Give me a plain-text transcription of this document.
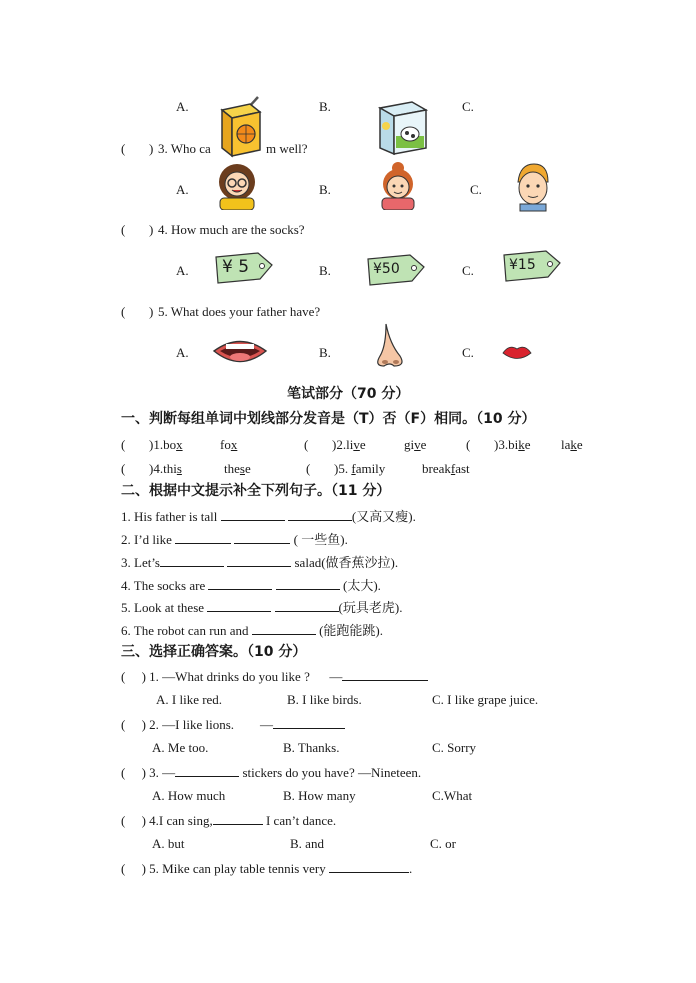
A.	B.	C.
( ) 3. Who ca	m well?
A.	B.	C.
( ) 4. How much are the socks?
A. ¥ 5	B.	¥50	C.	¥15
( ) 5. What does your father have?
A.	B.	C.
笔试部分（70 分）
一、判断每组单词中划线部分发音是（T）否（F）相同。（10 分）
( )1.box	fox	( )2.live	give	( )3.bike lake
( )4.this	these	( )5. family	breakfast
二、根据中文提示补全下列句子。（11 分）
1. His father is tall	(又高又瘦).
2. I’d like	( 一些鱼).
3. Let’s	salad(做香蕉沙拉).
4. The socks are	(太大).
5. Look at these	(玩具老虎).
6. The robot can run and	(能跑能跳).
三、选择正确答案。（10 分）
(     ) 1. —What drinks do you like ? —
A. I like red.	B. I like birds.	C. I like grape juice.
(     ) 2. —I like lions. —
A. Me too.	B. Thanks.	C. Sorry
(     ) 3. —	stickers do you have? —Nineteen.
A. How much	B. How many	C.What
(     ) 4.I can sing,	I can’t dance.
A. but	B. and	C. or
(     ) 5. Mike can play table tennis very	.
